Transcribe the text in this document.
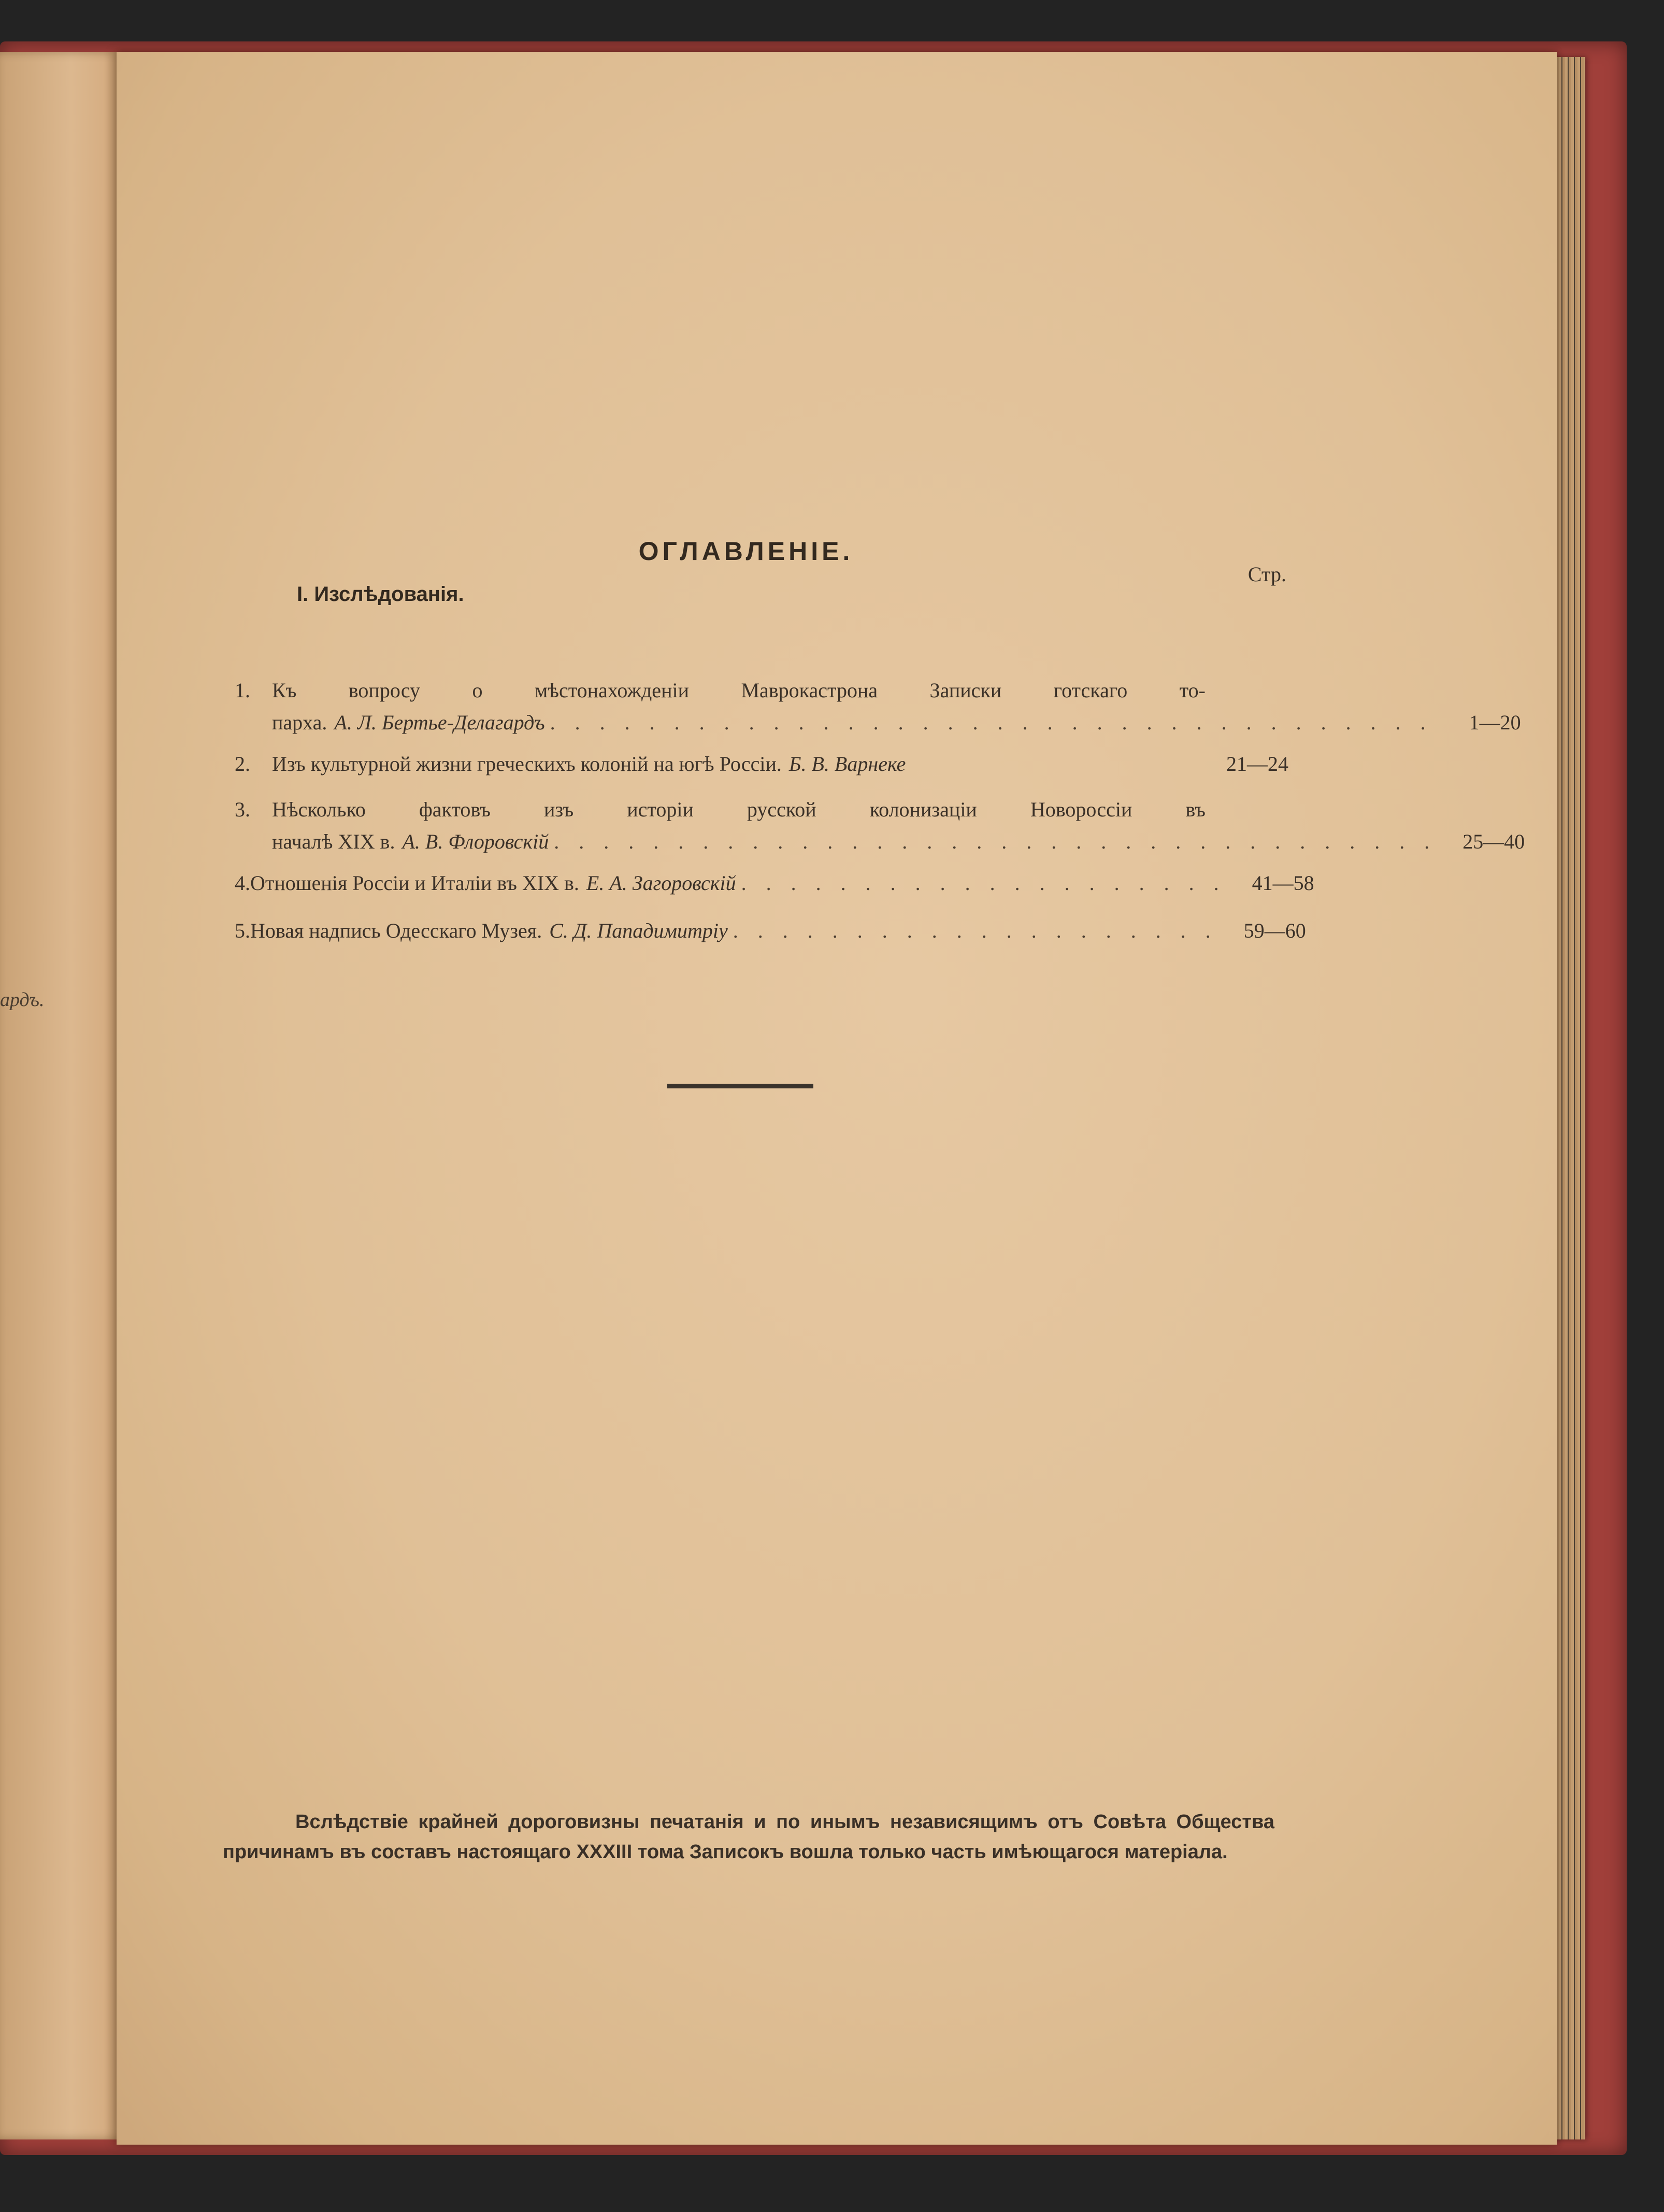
ардъ.
ОГЛАВЛЕНІЕ.
Стр.
I. Изслѣдованія.
1.	Къ вопросу о мѣстонахожденіи Маврокастрона Записки готскаго то-
парха. А. Л. Бертье-Делагардъ . . . . . . . . . . . . . . . . . . . . . . . . . . . . . . . . . . . .	1—20
2.	Изъ культурной жизни греческихъ колоній на югѣ Россіи. Б. В. Варнеке	21—24
3.	Нѣсколько фактовъ изъ исторіи русской колонизаціи Новороссіи въ
началѣ XIX в. А. В. Флоровскій . . . . . . . . . . . . . . . . . . . . . . . . . . . . . . . . . . . .	25—40
4. Отношенія Россіи и Италіи въ XIX в. Е. А. Загоровскій . . . . . . . . . . . . . . . . . . . .	41—58
5. Новая надпись Одесскаго Музея. С. Д. Пападимитріу . . . . . . . . . . . . . . . . . . . .	59—60
Вслѣдствіе крайней дороговизны печатанія и по инымъ независящимъ отъ Совѣта Общества причинамъ въ составъ настоящаго XXXIII тома Записокъ вошла только часть имѣющагося матеріала.
